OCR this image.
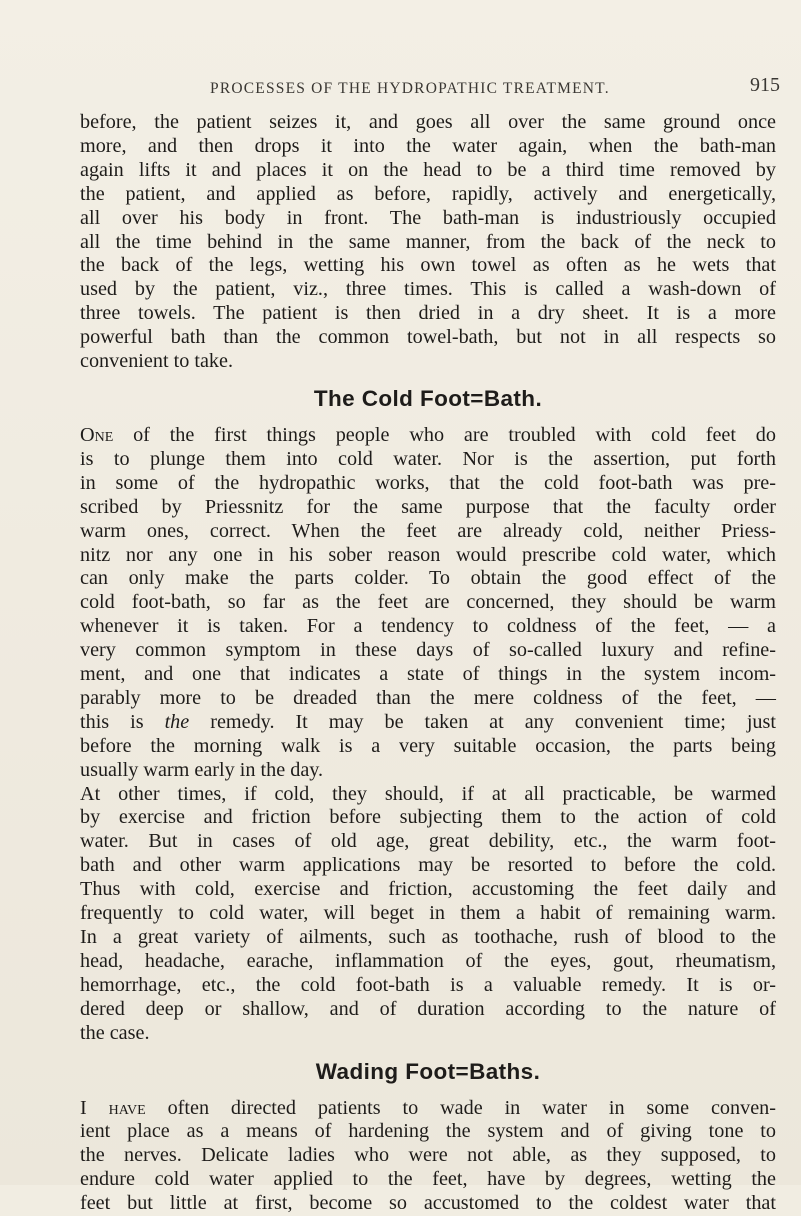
PROCESSES OF THE HYDROPATHIC TREATMENT.	915

before, the patient seizes it, and goes all over the same ground once
more, and then drops it into the water again, when the bath-man
again lifts it and places it on the head to be a third time removed by
the patient, and applied as before, rapidly, actively and energetically,
all over his body in front. The bath-man is industriously occupied
all the time behind in the same manner, from the back of the neck to
the back of the legs, wetting his own towel as often as he wets that
used by the patient, viz., three times. This is called a wash-down of
three towels. The patient is then dried in a dry sheet. It is a more
powerful bath than the common towel-bath, but not in all respects so
convenient to take.

The Cold Foot=Bath.

One of the first things people who are troubled with cold feet do
is to plunge them into cold water. Nor is the assertion, put forth
in some of the hydropathic works, that the cold foot-bath was pre-
scribed by Priessnitz for the same purpose that the faculty order
warm ones, correct. When the feet are already cold, neither Priess-
nitz nor any one in his sober reason would prescribe cold water, which
can only make the parts colder. To obtain the good effect of the
cold foot-bath, so far as the feet are concerned, they should be warm
whenever it is taken. For a tendency to coldness of the feet, — a
very common symptom in these days of so-called luxury and refine-
ment, and one that indicates a state of things in the system incom-
parably more to be dreaded than the mere coldness of the feet, —
this is the remedy. It may be taken at any convenient time; just
before the morning walk is a very suitable occasion, the parts being
usually warm early in the day.

At other times, if cold, they should, if at all practicable, be warmed
by exercise and friction before subjecting them to the action of cold
water. But in cases of old age, great debility, etc., the warm foot-
bath and other warm applications may be resorted to before the cold.
Thus with cold, exercise and friction, accustoming the feet daily and
frequently to cold water, will beget in them a habit of remaining warm.
In a great variety of ailments, such as toothache, rush of blood to the
head, headache, earache, inflammation of the eyes, gout, rheumatism,
hemorrhage, etc., the cold foot-bath is a valuable remedy. It is or-
dered deep or shallow, and of duration according to the nature of
the case.

Wading Foot=Baths.

I have often directed patients to wade in water in some conven-
ient place as a means of hardening the system and of giving tone to
the nerves. Delicate ladies who were not able, as they supposed, to
endure cold water applied to the feet, have by degrees, wetting the
feet but little at first, become so accustomed to the coldest water that
